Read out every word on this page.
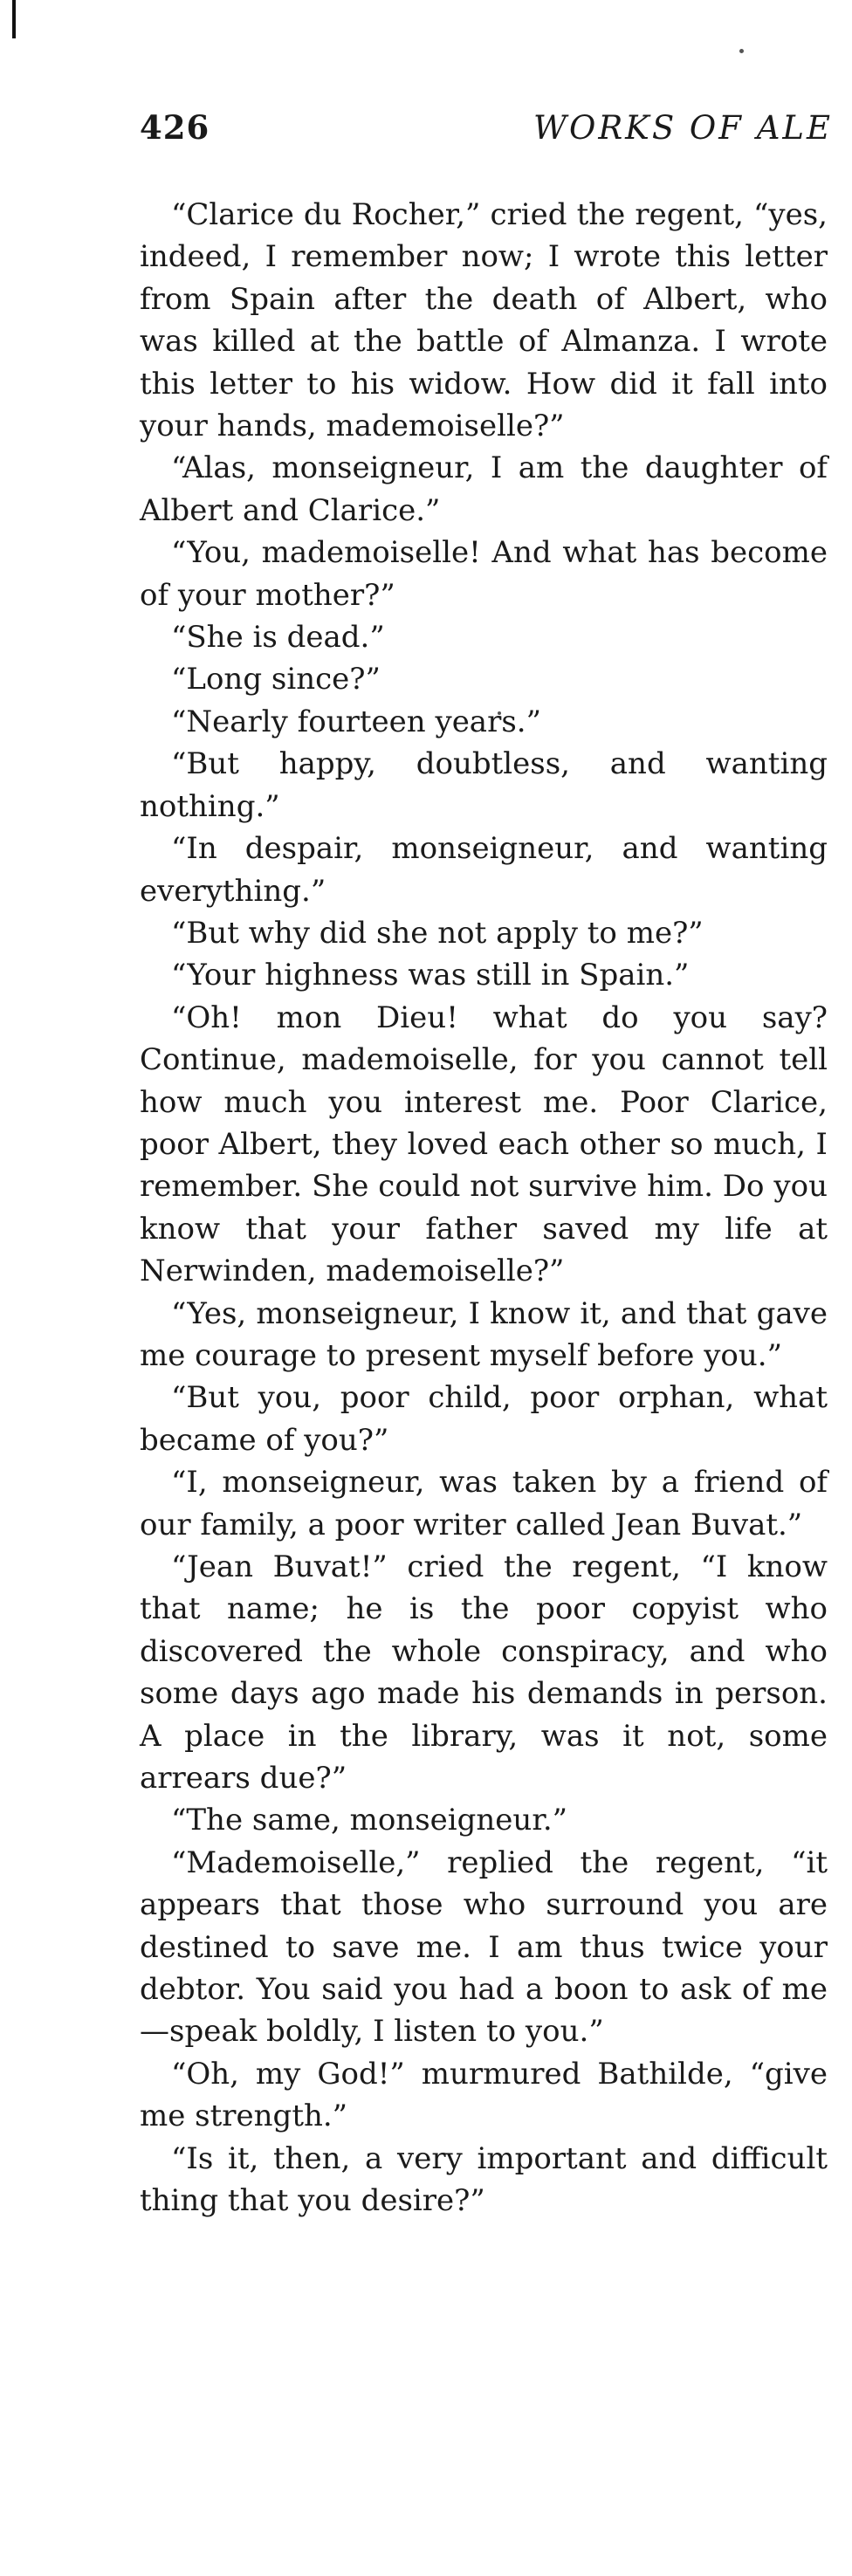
426	WORKS OF ALE

“Clarice du Rocher,” cried the regent, “yes, indeed, I remember now; I wrote this letter from Spain after the death of Albert, who was killed at the battle of Almanza. I wrote this letter to his widow. How did it fall into your hands, mademoiselle?”

“Alas, monseigneur, I am the daughter of Albert and Clarice.”

“You, mademoiselle! And what has become of your mother?”

“She is dead.”

“Long since?”

“Nearly fourteen years.”

“But happy, doubtless, and wanting nothing.”

“In despair, monseigneur, and wanting everything.”

“But why did she not apply to me?”

“Your highness was still in Spain.”

“Oh! mon Dieu! what do you say? Continue, mademoiselle, for you cannot tell how much you interest me. Poor Clarice, poor Albert, they loved each other so much, I remember. She could not survive him. Do you know that your father saved my life at Nerwinden, mademoiselle?”

“Yes, monseigneur, I know it, and that gave me courage to present myself before you.”

“But you, poor child, poor orphan, what became of you?”

“I, monseigneur, was taken by a friend of our family, a poor writer called Jean Buvat.”

“Jean Buvat!” cried the regent, “I know that name; he is the poor copyist who discovered the whole conspiracy, and who some days ago made his demands in person. A place in the library, was it not, some arrears due?”

“The same, monseigneur.”

“Mademoiselle,” replied the regent, “it appears that those who surround you are destined to save me. I am thus twice your debtor. You said you had a boon to ask of me—speak boldly, I listen to you.”

“Oh, my God!” murmured Bathilde, “give me strength.”

“Is it, then, a very important and difficult thing that you desire?”
